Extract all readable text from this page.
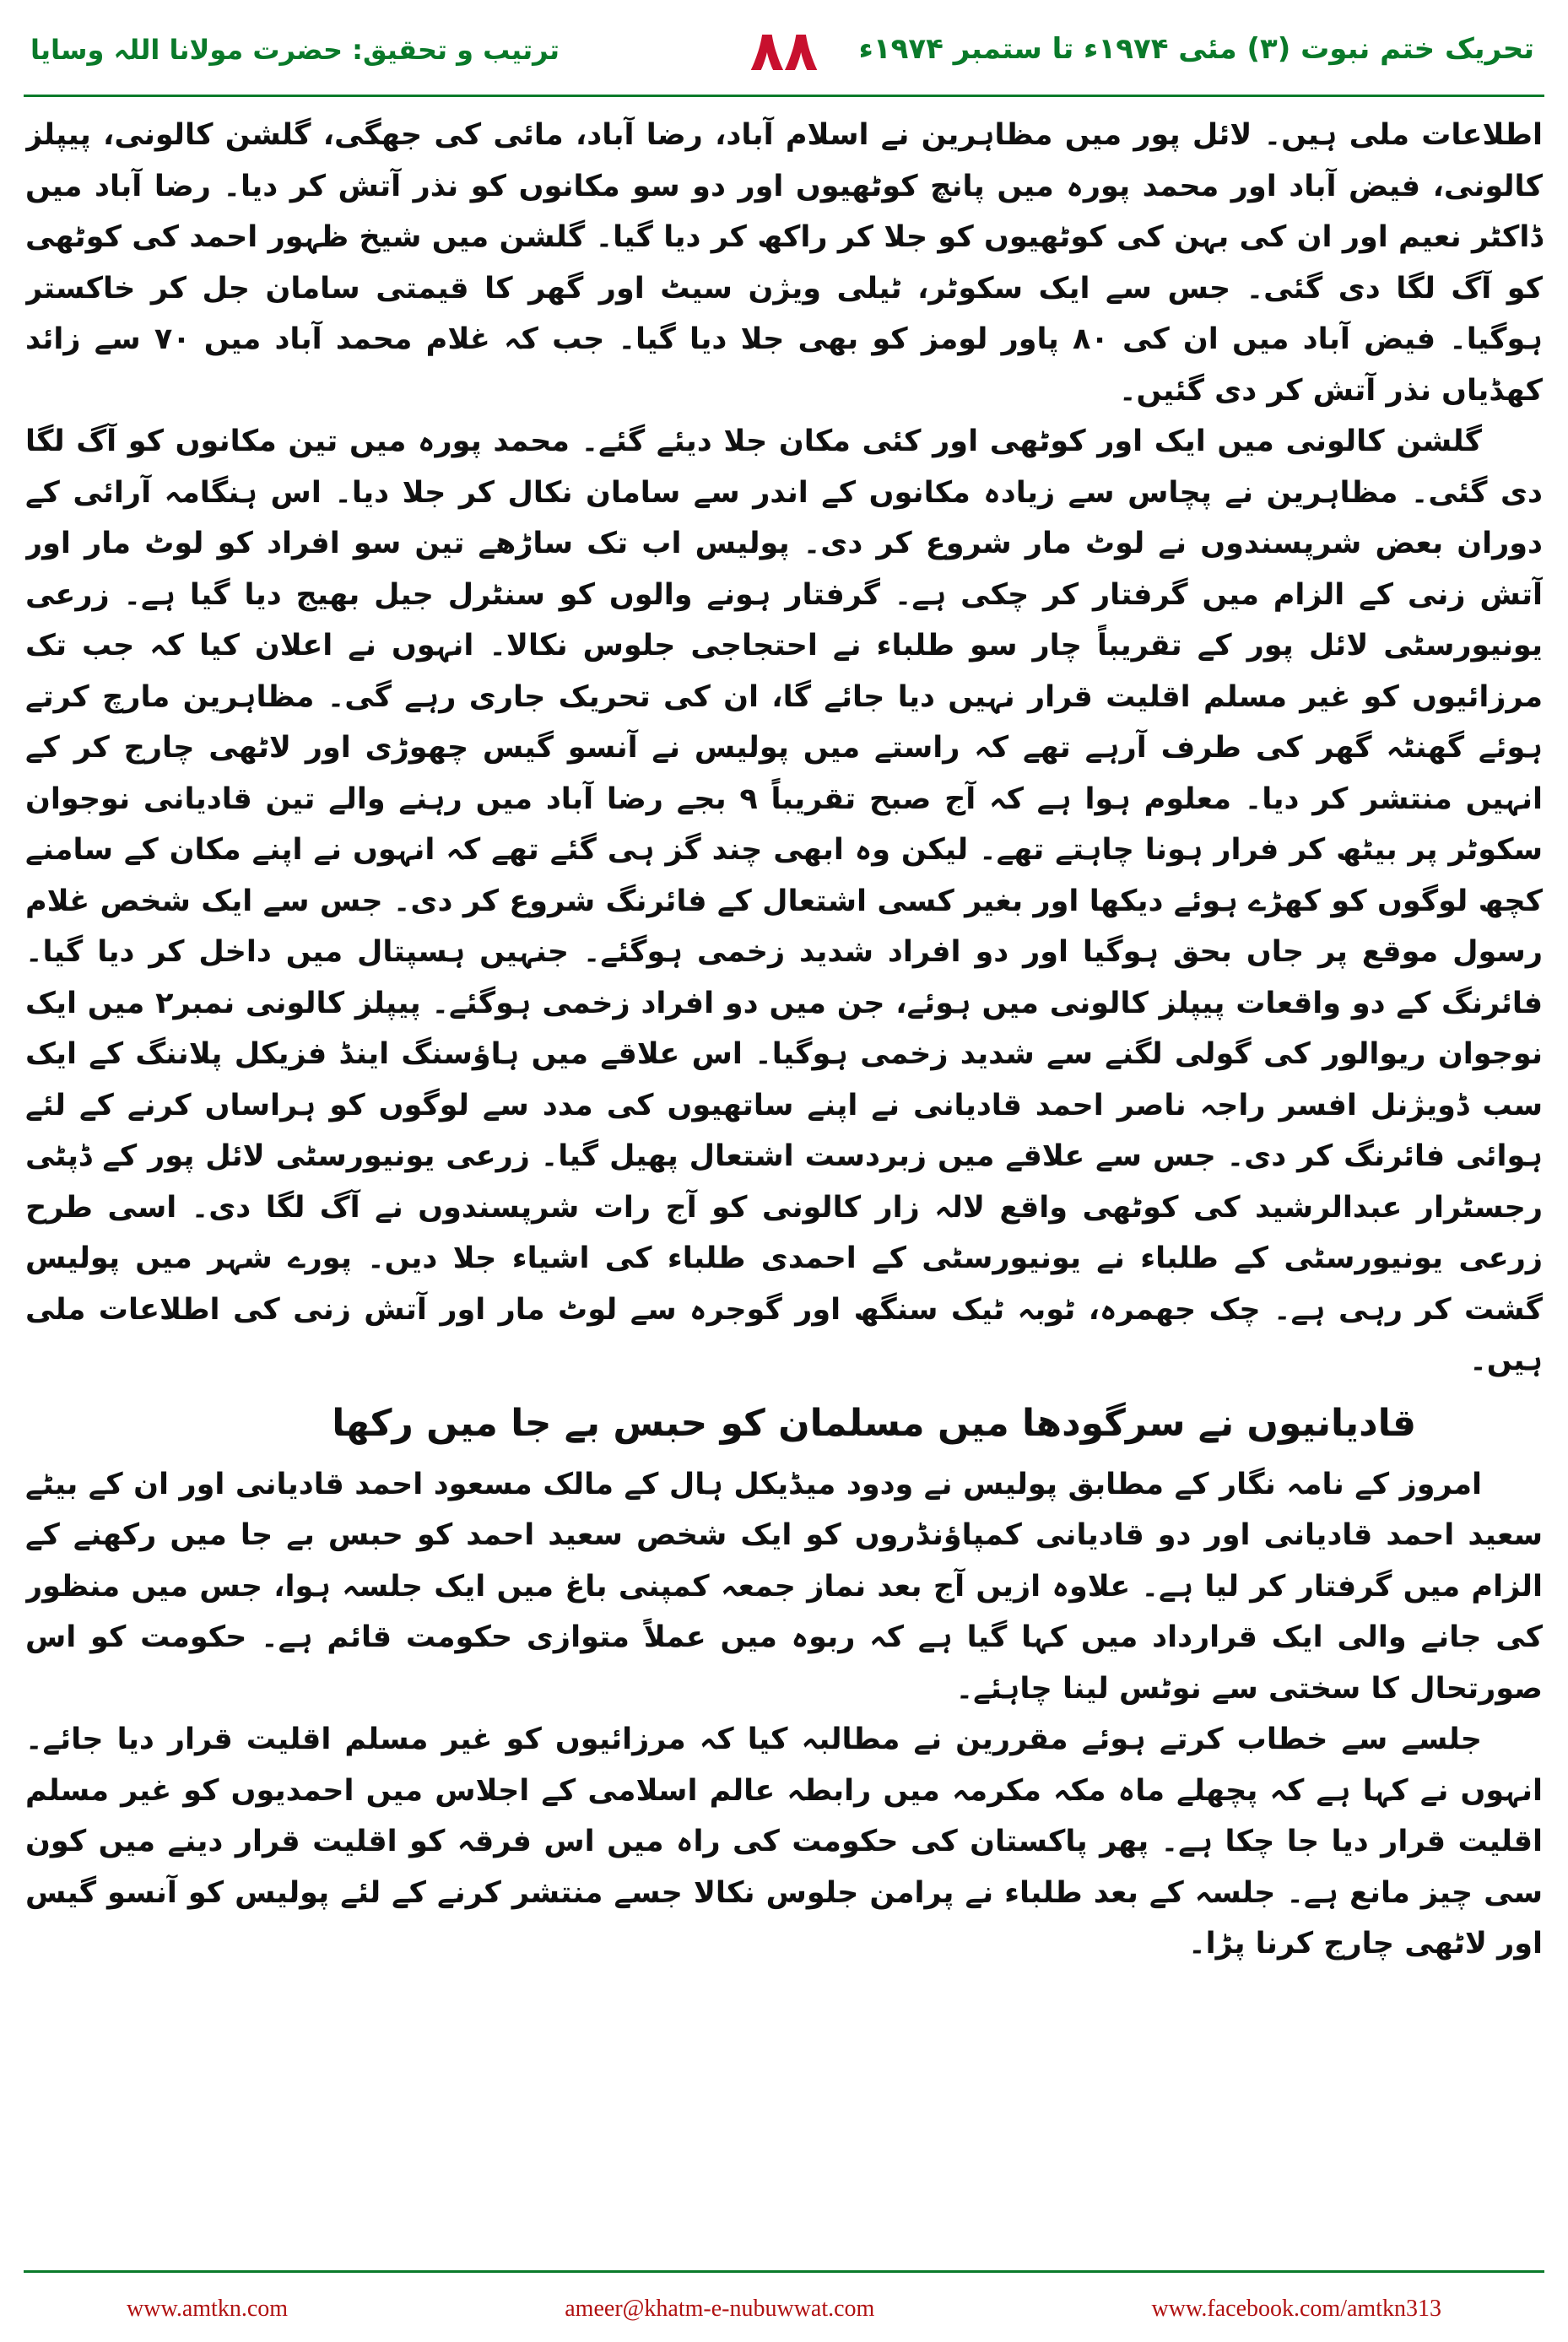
تحریک ختم نبوت (۳) مئی ۱۹۷۴ء تا ستمبر ۱۹۷۴ء
۸۸
ترتیب و تحقیق: حضرت مولانا اللہ وسایا

اطلاعات ملی ہیں۔ لائل پور میں مظاہرین نے اسلام آباد، رضا آباد، مائی کی جھگی، گلشن کالونی، پیپلز کالونی، فیض آباد اور محمد پورہ میں پانچ کوٹھیوں اور دو سو مکانوں کو نذر آتش کر دیا۔ رضا آباد میں ڈاکٹر نعیم اور ان کی بہن کی کوٹھیوں کو جلا کر راکھ کر دیا گیا۔ گلشن میں شیخ ظہور احمد کی کوٹھی کو آگ لگا دی گئی۔ جس سے ایک سکوٹر، ٹیلی ویژن سیٹ اور گھر کا قیمتی سامان جل کر خاکستر ہوگیا۔ فیض آباد میں ان کی ۸۰ پاور لومز کو بھی جلا دیا گیا۔ جب کہ غلام محمد آباد میں ۷۰ سے زائد کھڈیاں نذر آتش کر دی گئیں۔

گلشن کالونی میں ایک اور کوٹھی اور کئی مکان جلا دیئے گئے۔ محمد پورہ میں تین مکانوں کو آگ لگا دی گئی۔ مظاہرین نے پچاس سے زیادہ مکانوں کے اندر سے سامان نکال کر جلا دیا۔ اس ہنگامہ آرائی کے دوران بعض شرپسندوں نے لوٹ مار شروع کر دی۔ پولیس اب تک ساڑھے تین سو افراد کو لوٹ مار اور آتش زنی کے الزام میں گرفتار کر چکی ہے۔ گرفتار ہونے والوں کو سنٹرل جیل بھیج دیا گیا ہے۔ زرعی یونیورسٹی لائل پور کے تقریباً چار سو طلباء نے احتجاجی جلوس نکالا۔ انہوں نے اعلان کیا کہ جب تک مرزائیوں کو غیر مسلم اقلیت قرار نہیں دیا جائے گا، ان کی تحریک جاری رہے گی۔ مظاہرین مارچ کرتے ہوئے گھنٹہ گھر کی طرف آرہے تھے کہ راستے میں پولیس نے آنسو گیس چھوڑی اور لاٹھی چارج کر کے انہیں منتشر کر دیا۔ معلوم ہوا ہے کہ آج صبح تقریباً ۹ بجے رضا آباد میں رہنے والے تین قادیانی نوجوان سکوٹر پر بیٹھ کر فرار ہونا چاہتے تھے۔ لیکن وہ ابھی چند گز ہی گئے تھے کہ انہوں نے اپنے مکان کے سامنے کچھ لوگوں کو کھڑے ہوئے دیکھا اور بغیر کسی اشتعال کے فائرنگ شروع کر دی۔ جس سے ایک شخص غلام رسول موقع پر جاں بحق ہوگیا اور دو افراد شدید زخمی ہوگئے۔ جنہیں ہسپتال میں داخل کر دیا گیا۔ فائرنگ کے دو واقعات پیپلز کالونی میں ہوئے، جن میں دو افراد زخمی ہوگئے۔ پیپلز کالونی نمبر۲ میں ایک نوجوان ریوالور کی گولی لگنے سے شدید زخمی ہوگیا۔ اس علاقے میں ہاؤسنگ اینڈ فزیکل پلاننگ کے ایک سب ڈویژنل افسر راجہ ناصر احمد قادیانی نے اپنے ساتھیوں کی مدد سے لوگوں کو ہراساں کرنے کے لئے ہوائی فائرنگ کر دی۔ جس سے علاقے میں زبردست اشتعال پھیل گیا۔ زرعی یونیورسٹی لائل پور کے ڈپٹی رجسٹرار عبدالرشید کی کوٹھی واقع لالہ زار کالونی کو آج رات شرپسندوں نے آگ لگا دی۔ اسی طرح زرعی یونیورسٹی کے طلباء نے یونیورسٹی کے احمدی طلباء کی اشیاء جلا دیں۔ پورے شہر میں پولیس گشت کر رہی ہے۔ چک جھمرہ، ٹوبہ ٹیک سنگھ اور گوجرہ سے لوٹ مار اور آتش زنی کی اطلاعات ملی ہیں۔

قادیانیوں نے سرگودھا میں مسلمان کو حبس بے جا میں رکھا

امروز کے نامہ نگار کے مطابق پولیس نے ودود میڈیکل ہال کے مالک مسعود احمد قادیانی اور ان کے بیٹے سعید احمد قادیانی اور دو قادیانی کمپاؤنڈروں کو ایک شخص سعید احمد کو حبس بے جا میں رکھنے کے الزام میں گرفتار کر لیا ہے۔ علاوہ ازیں آج بعد نماز جمعہ کمپنی باغ میں ایک جلسہ ہوا، جس میں منظور کی جانے والی ایک قرارداد میں کہا گیا ہے کہ ربوہ میں عملاً متوازی حکومت قائم ہے۔ حکومت کو اس صورتحال کا سختی سے نوٹس لینا چاہئے۔

جلسے سے خطاب کرتے ہوئے مقررین نے مطالبہ کیا کہ مرزائیوں کو غیر مسلم اقلیت قرار دیا جائے۔ انہوں نے کہا ہے کہ پچھلے ماہ مکہ مکرمہ میں رابطہ عالم اسلامی کے اجلاس میں احمدیوں کو غیر مسلم اقلیت قرار دیا جا چکا ہے۔ پھر پاکستان کی حکومت کی راہ میں اس فرقہ کو اقلیت قرار دینے میں کون سی چیز مانع ہے۔ جلسہ کے بعد طلباء نے پرامن جلوس نکالا جسے منتشر کرنے کے لئے پولیس کو آنسو گیس اور لاٹھی چارج کرنا پڑا۔

www.amtkn.com	ameer@khatm-e-nubuwwat.com	www.facebook.com/amtkn313
